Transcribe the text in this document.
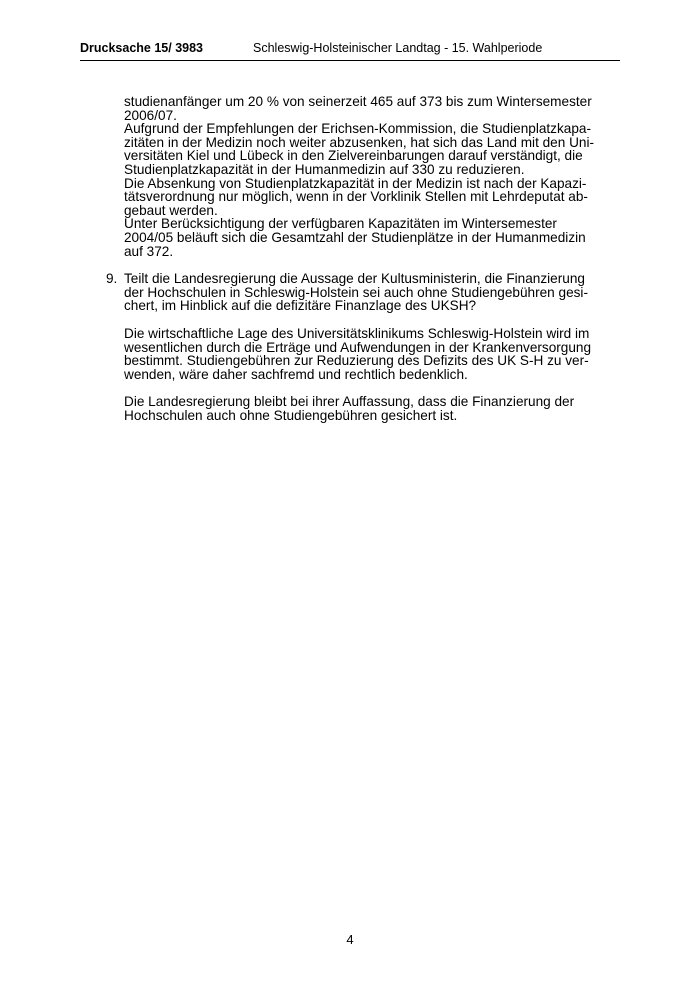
Drucksache 15/ 3983	Schleswig-Holsteinischer Landtag - 15. Wahlperiode
studienanfänger um 20 % von seinerzeit 465 auf 373 bis zum Wintersemester
2006/07.
Aufgrund der Empfehlungen der Erichsen-Kommission, die Studienplatzkapa-
zitäten in der Medizin noch weiter abzusenken, hat sich das Land mit den Uni-
versitäten Kiel und Lübeck in den Zielvereinbarungen darauf verständigt, die
Studienplatzkapazität in der Humanmedizin auf 330 zu reduzieren.
Die Absenkung von Studienplatzkapazität in der Medizin ist nach der Kapazi-
tätsverordnung nur möglich, wenn in der Vorklinik Stellen mit Lehrdeputat ab-
gebaut werden.
Unter Berücksichtigung der verfügbaren Kapazitäten im Wintersemester
2004/05 beläuft sich die Gesamtzahl der Studienplätze in der Humanmedizin
auf 372.
9. Teilt die Landesregierung die Aussage der Kultusministerin, die Finanzierung
der Hochschulen in Schleswig-Holstein sei auch ohne Studiengebühren gesi-
chert, im Hinblick auf die defizitäre Finanzlage des UKSH?
Die wirtschaftliche Lage des Universitätsklinikums Schleswig-Holstein wird im
wesentlichen durch die Erträge und Aufwendungen in der Krankenversorgung
bestimmt. Studiengebühren zur Reduzierung des Defizits des UK S-H zu ver-
wenden, wäre daher sachfremd und rechtlich bedenklich.
Die Landesregierung bleibt bei ihrer Auffassung, dass die Finanzierung der
Hochschulen auch ohne Studiengebühren gesichert ist.
4
